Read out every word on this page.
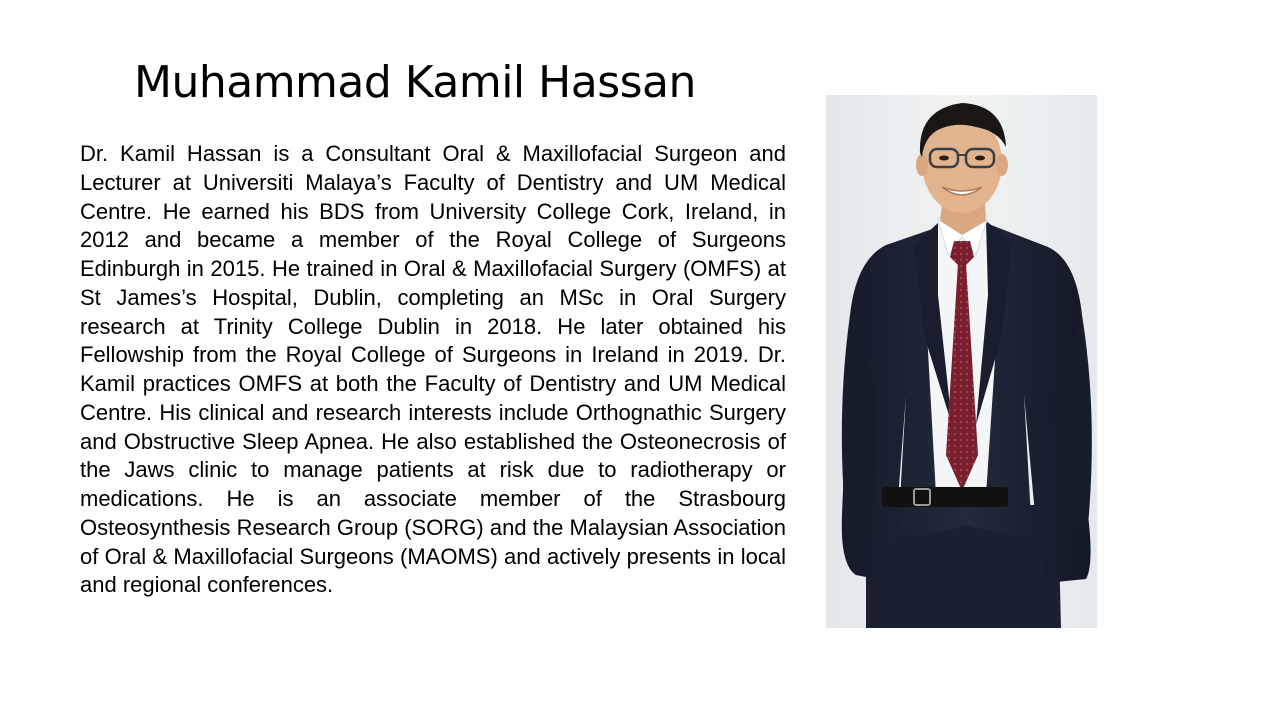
Muhammad Kamil Hassan

Dr. Kamil Hassan is a Consultant Oral & Maxillofacial Surgeon and Lecturer at Universiti Malaya’s Faculty of Dentistry and UM Medical Centre. He earned his BDS from University College Cork, Ireland, in 2012 and became a member of the Royal College of Surgeons Edinburgh in 2015. He trained in Oral & Maxillofacial Surgery (OMFS) at St James’s Hospital, Dublin, completing an MSc in Oral Surgery research at Trinity College Dublin in 2018. He later obtained his Fellowship from the Royal College of Surgeons in Ireland in 2019. Dr. Kamil practices OMFS at both the Faculty of Dentistry and UM Medical Centre. His clinical and research interests include Orthognathic Surgery and Obstructive Sleep Apnea. He also established the Osteonecrosis of the Jaws clinic to manage patients at risk due to radiotherapy or medications. He is an associate member of the Strasbourg Osteosynthesis Research Group (SORG) and the Malaysian Association of Oral & Maxillofacial Surgeons (MAOMS) and actively presents in local and regional conferences.
